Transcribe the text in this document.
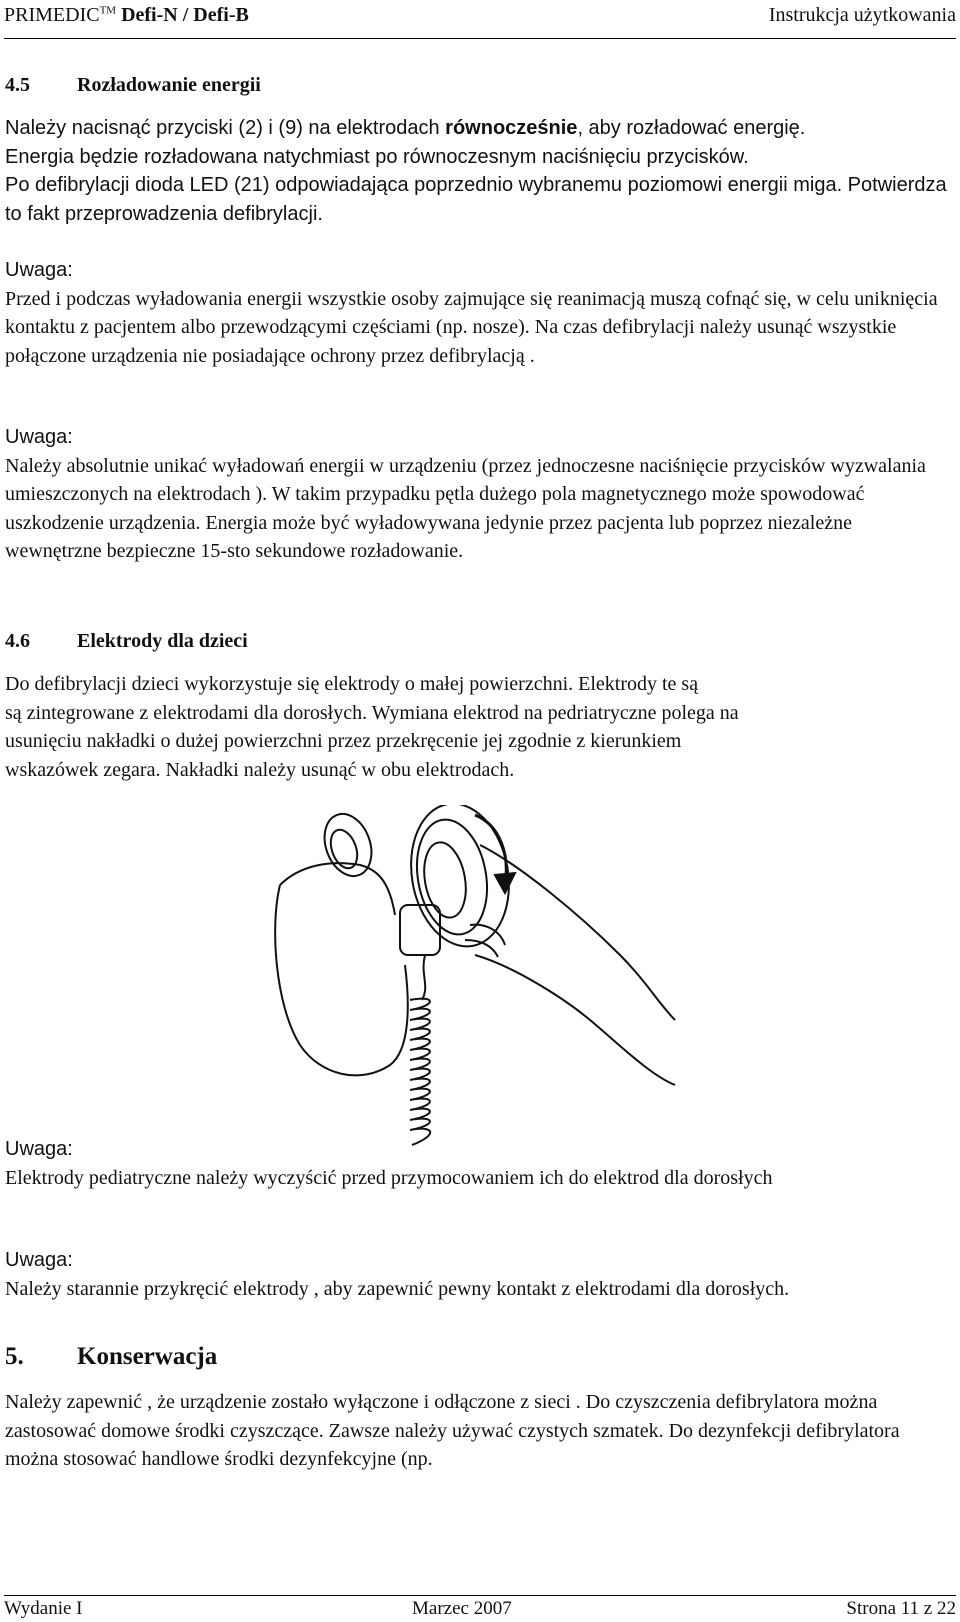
PRIMEDIC™ Defi-N / Defi-B	Instrukcja użytkowania
4.5 Rozładowanie energii

Należy nacisnąć przyciski (2) i (9) na elektrodach równocześnie, aby rozładować energię.

Energia będzie rozładowana natychmiast po równoczesnym naciśnięciu przycisków.

Po defibrylacji dioda LED (21) odpowiadająca poprzednio wybranemu poziomowi energii miga. Potwierdza to fakt przeprowadzenia defibrylacji.

Uwaga:

Przed i podczas wyładowania energii wszystkie osoby zajmujące się reanimacją muszą cofnąć się, w celu uniknięcia kontaktu z pacjentem albo przewodzącymi częściami (np. nosze). Na czas defibrylacji należy usunąć wszystkie połączone urządzenia nie posiadające ochrony przez defibrylacją .

Uwaga:

Należy absolutnie unikać wyładowań energii w urządzeniu (przez jednoczesne naciśnięcie przycisków wyzwalania umieszczonych na elektrodach ). W takim przypadku pętla dużego pola magnetycznego może spowodować uszkodzenie urządzenia. Energia może być wyładowywana jedynie przez pacjenta lub poprzez niezależne wewnętrzne bezpieczne 15-sto sekundowe rozładowanie.

4.6 Elektrody dla dzieci

Do defibrylacji dzieci wykorzystuje się elektrody o małej powierzchni. Elektrody te są

są zintegrowane z elektrodami dla dorosłych. Wymiana elektrod na pedriatryczne polega na

usunięciu nakładki o dużej powierzchni przez przekręcenie jej zgodnie z kierunkiem

wskazówek zegara. Nakładki należy usunąć w obu elektrodach.

Uwaga:

Elektrody pediatryczne należy wyczyścić przed przymocowaniem ich do elektrod dla dorosłych

Uwaga:

Należy starannie przykręcić elektrody , aby zapewnić pewny kontakt z elektrodami dla dorosłych.

5. Konserwacja

Należy zapewnić , że urządzenie zostało wyłączone i odłączone z sieci . Do czyszczenia defibrylatora można zastosować domowe środki czyszczące. Zawsze należy używać czystych szmatek. Do dezynfekcji defibrylatora można stosować handlowe środki dezynfekcyjne (np.

Wydanie I	Marzec 2007	Strona 11 z 22
